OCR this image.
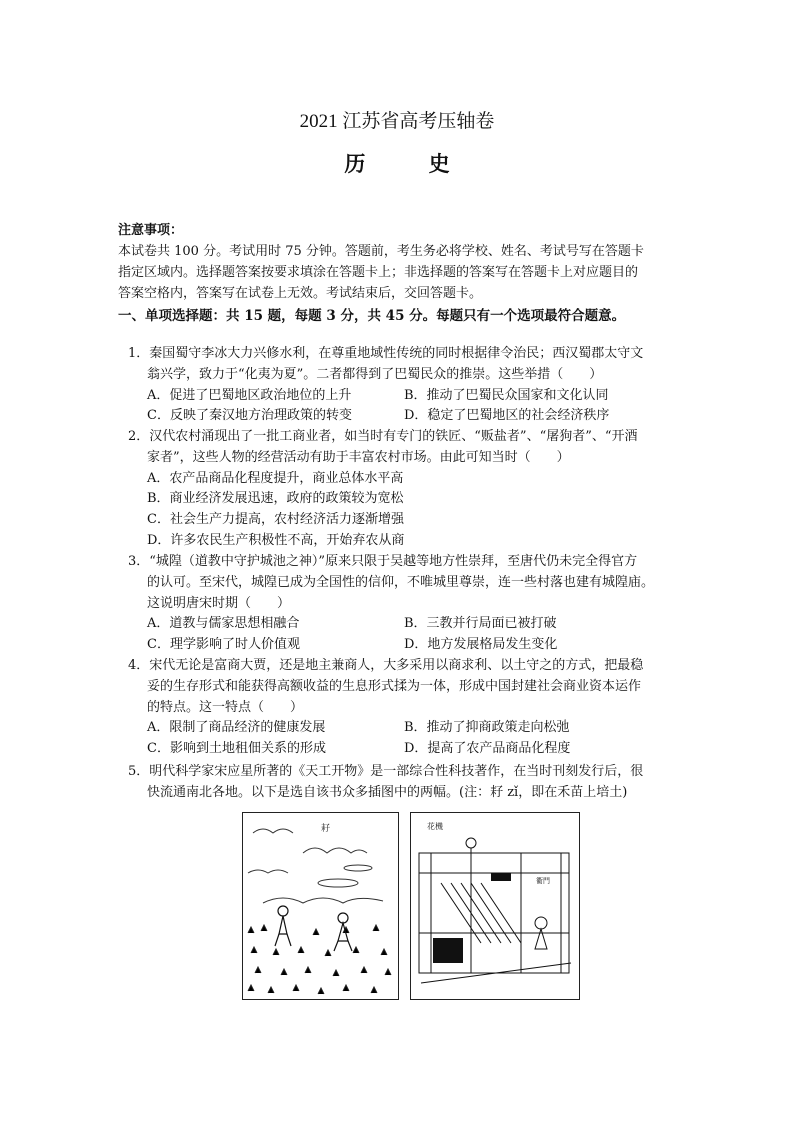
2021 江苏省高考压轴卷
历 史
注意事项：

本试卷共 100 分。考试用时 75 分钟。答题前，考生务必将学校、姓名、考试号写在答题卡

指定区域内。选择题答案按要求填涂在答题卡上；非选择题的答案写在答题卡上对应题目的

答案空格内，答案写在试卷上无效。考试结束后，交回答题卡。

一、单项选择题：共 15 题，每题 3 分，共 45 分。每题只有一个选项最符合题意。

1．秦国蜀守李冰大力兴修水利，在尊重地域性传统的同时根据律令治民；西汉蜀郡太守文

翁兴学，致力于“化夷为夏”。二者都得到了巴蜀民众的推崇。这些举措（　　）
A．促进了巴蜀地区政治地位的上升	B．推动了巴蜀民众国家和文化认同
C．反映了秦汉地方治理政策的转变	D．稳定了巴蜀地区的社会经济秩序

2．汉代农村涌现出了一批工商业者，如当时有专门的铁匠、“贩盐者”、“屠狗者”、“开酒

家者”，这些人物的经营活动有助于丰富农村市场。由此可知当时（　　）
A．农产品商品化程度提升，商业总体水平高
B．商业经济发展迅速，政府的政策较为宽松
C．社会生产力提高，农村经济活力逐渐增强
D．许多农民生产积极性不高，开始弃农从商

3．“城隍（道教中守护城池之神）”原来只限于吴越等地方性崇拜，至唐代仍未完全得官方

的认可。至宋代，城隍已成为全国性的信仰，不唯城里尊崇，连一些村落也建有城隍庙。
这说明唐宋时期（　　）
A．道教与儒家思想相融合	B．三教并行局面已被打破
C．理学影响了时人价值观	D．地方发展格局发生变化

4．宋代无论是富商大贾，还是地主兼商人，大多采用以商求利、以土守之的方式，把最稳

妥的生存形式和能获得高额收益的生息形式揉为一体，形成中国封建社会商业资本运作
的特点。这一特点（　　）
A．限制了商品经济的健康发展	B．推动了抑商政策走向松弛
C．影响到土地租佃关系的形成	D．提高了农产品商品化程度

5．明代科学家宋应星所著的《天工开物》是一部综合性科技著作，在当时刊刻发行后，很

快流通南北各地。以下是选自该书众多插图中的两幅。(注：耔 zǐ，即在禾苗上培土)
耔	花機
衢門
